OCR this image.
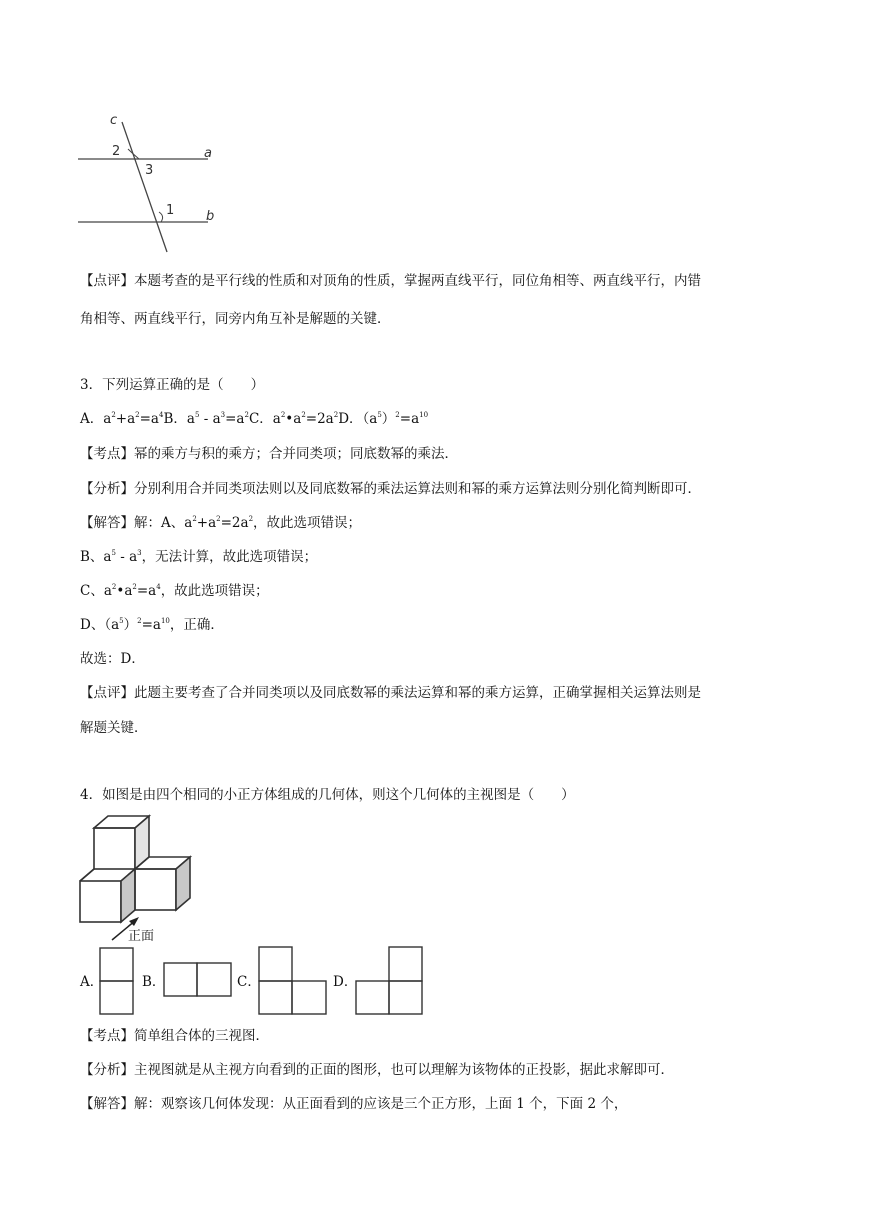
c
a
b
2
3
1
【点评】本题考查的是平行线的性质和对顶角的性质，掌握两直线平行，同位角相等、两直线平行，内错
角相等、两直线平行，同旁内角互补是解题的关键．
3．下列运算正确的是（　　）
A．$a^2+a^2=a^4B$．$a^5 - a^3=a^2C$．$a^2•a^2=2a^2D$．$(a^5)^2=a^{10}$
【考点】幂的乘方与积的乘方；合并同类项；同底数幂的乘法．
【分析】分别利用合并同类项法则以及同底数幂的乘法运算法则和幂的乘方运算法则分别化简判断即可．
【解答】解：A、$a^2+a^2=2a^2$，故此选项错误；
B、$a^5 - a^3$，无法计算，故此选项错误；
C、$a^2•a^2=a^4$，故此选项错误；
D、$(a^5)^2=a^{10}$，正确．
故选：D．
【点评】此题主要考查了合并同类项以及同底数幂的乘法运算和幂的乘方运算，正确掌握相关运算法则是
解题关键．
4．如图是由四个相同的小正方体组成的几何体，则这个几何体的主视图是（　　）
正面
A．	B．	C．	D．
【考点】简单组合体的三视图．
【分析】主视图就是从主视方向看到的正面的图形，也可以理解为该物体的正投影，据此求解即可．
【解答】解：观察该几何体发现：从正面看到的应该是三个正方形，上面 1 个，下面 2 个，
